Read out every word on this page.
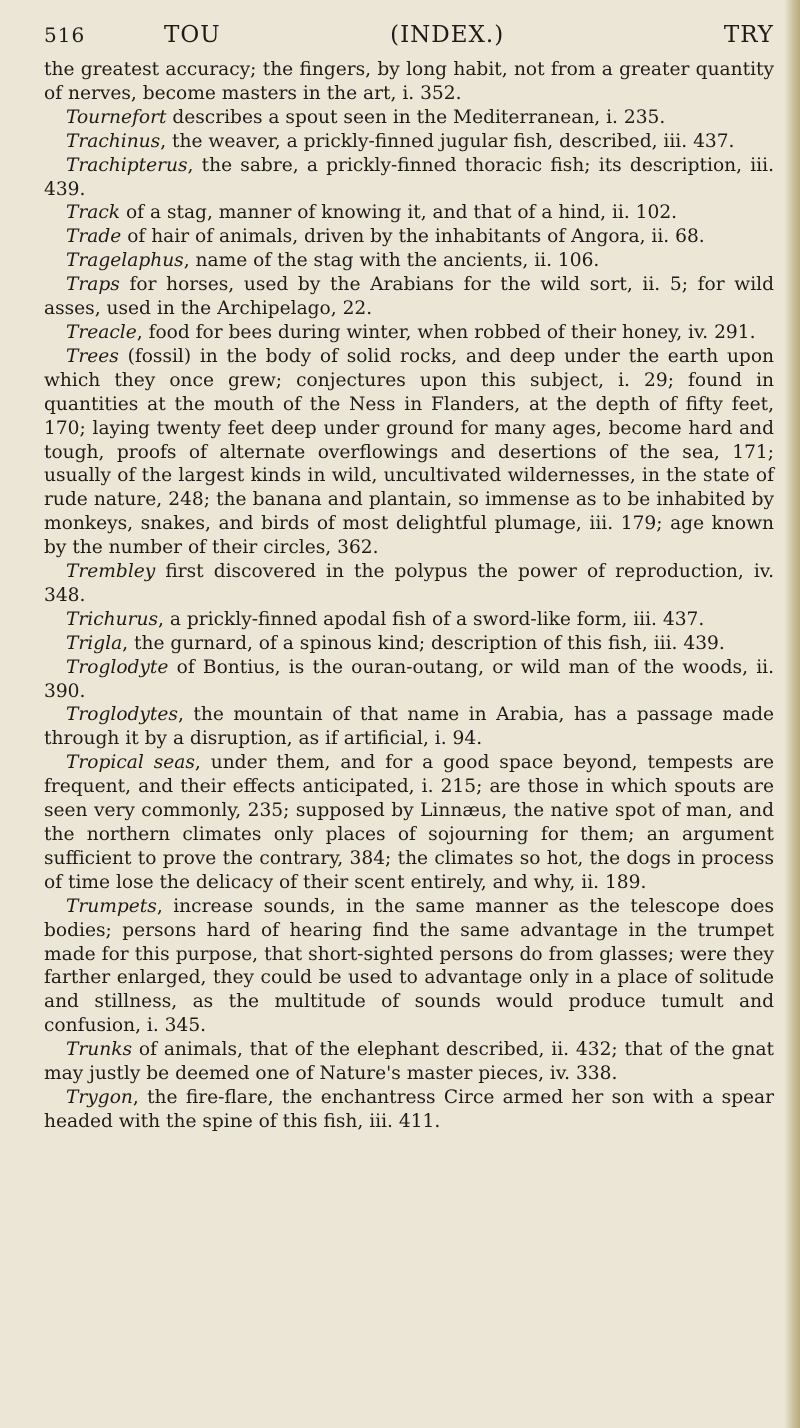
516	TOU	(INDEX.)	TRY

the greatest accuracy; the fingers, by long habit, not from a greater quantity of nerves, become masters in the art, i. 352.

Tournefort describes a spout seen in the Mediterranean, i. 235.

Trachinus, the weaver, a prickly-finned jugular fish, described, iii. 437.

Trachipterus, the sabre, a prickly-finned thoracic fish; its description, iii. 439.

Track of a stag, manner of knowing it, and that of a hind, ii. 102.

Trade of hair of animals, driven by the inhabitants of Angora, ii. 68.

Tragelaphus, name of the stag with the ancients, ii. 106.

Traps for horses, used by the Arabians for the wild sort, ii. 5; for wild asses, used in the Archipelago, 22.

Treacle, food for bees during winter, when robbed of their honey, iv. 291.

Trees (fossil) in the body of solid rocks, and deep under the earth upon which they once grew; conjectures upon this subject, i. 29; found in quantities at the mouth of the Ness in Flanders, at the depth of fifty feet, 170; laying twenty feet deep under ground for many ages, become hard and tough, proofs of alternate overflowings and desertions of the sea, 171; usually of the largest kinds in wild, uncultivated wildernesses, in the state of rude nature, 248; the banana and plantain, so immense as to be inhabited by monkeys, snakes, and birds of most delightful plumage, iii. 179; age known by the number of their circles, 362.

Trembley first discovered in the polypus the power of reproduction, iv. 348.

Trichurus, a prickly-finned apodal fish of a sword-like form, iii. 437.

Trigla, the gurnard, of a spinous kind; description of this fish, iii. 439.

Troglodyte of Bontius, is the ouran-outang, or wild man of the woods, ii. 390.

Troglodytes, the mountain of that name in Arabia, has a passage made through it by a disruption, as if artificial, i. 94.

Tropical seas, under them, and for a good space beyond, tempests are frequent, and their effects anticipated, i. 215; are those in which spouts are seen very commonly, 235; supposed by Linnæus, the native spot of man, and the northern climates only places of sojourning for them; an argument sufficient to prove the contrary, 384; the climates so hot, the dogs in process of time lose the delicacy of their scent entirely, and why, ii. 189.

Trumpets, increase sounds, in the same manner as the telescope does bodies; persons hard of hearing find the same advantage in the trumpet made for this purpose, that short-sighted persons do from glasses; were they farther enlarged, they could be used to advantage only in a place of solitude and stillness, as the multitude of sounds would produce tumult and confusion, i. 345.

Trunks of animals, that of the elephant described, ii. 432; that of the gnat may justly be deemed one of Nature's master pieces, iv. 338.

Trygon, the fire-flare, the enchantress Circe armed her son with a spear headed with the spine of this fish, iii. 411.
